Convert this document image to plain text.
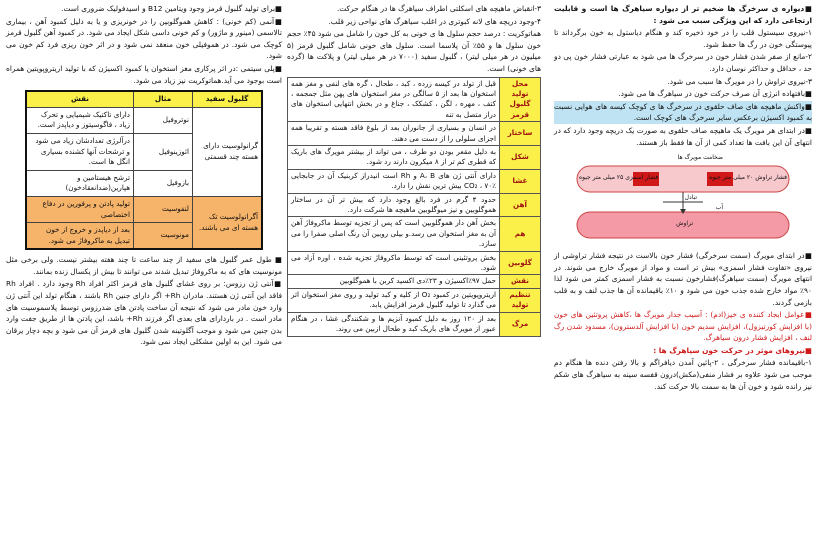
■دیواره ی سرخرگ ها ضخیم تر از دیواره سیاهرگ ها است و قابلیت ارتجاعی دارد که این ویژگی سبب می شود :

۱-نیروی سیستول قلب را در خود ذخیره کند و هنگام دیاستول به خون برگرداند تا پیوستگی خون در رگ ها حفظ شود.

۲-مانع از صفر شدن فشار خون در سرخرگ ها می شود به عبارتی فشار خون پی دو حد ، حداقل و حداکثر نوسان دارد.

۳-نیروی تراوش را در مویرگ ها سبب می شود.

■بافتهاده انرژی آن صرف حرکت خون در سیاهرگ ها می شود.

■واکنش ماهیچه های صاف حلقوی در سرخرگ ها ی کوچک کیسه های هوایی نسبت به کمبود اکسیژن برعکس سایر سرخرگ های کوچک است.

■در ابتدای هر مویرگ یک ماهیچه صاف حلقوی به صورت یک دریچه وجود دارد که در انتهای آن این بافت ها تعداد کمی از آن ها فقط باز هستند.

ضخامت مویرگ ها
فشار تراوش ۲۰ میلی متر جیوه
فشار اسمزی ۲۵ میلی متر جیوه
تبادل
آب
تراوش

■در ابتدای مویرگ (سمت سرخرگی) فشار خون بالاست در نتیجه فشار تراوشی از نیروی «تفاوت فشار اسمزی» بیش تر است و مواد از مویرگ خارج می شوند. در انتهای مویرگ (سمت سیاهرگ)فشارخون نسبت به فشار اسمزی کمتر می شود لذا ۹۰٪ مواد خارج شده جذب خون می شود و ۱۰٪ باقیمانده آن ها جذب لنف و به قلب بازمی گردند.

■عوامل ایجاد کننده ی خیز(ادم) : آسیب جدار مویرگ ها ،کاهش پروتئین های خون (با افزایش کورتیزول)، افزایش سدیم خون (با افزایش آلدسترون)، مسدود شدن رگ لنف ، افزایش فشار درون سیاهرگ.

■نیروهای موثر در حرکت خون سیاهرگ ها :

۱-باقیمانده فشار سرخرگی ، ۲-پائین آمدن دیافراگم و بالا رفتن دنده ها هنگام دم موجب می شود علاوه بر فشار منفی(مکش)درون قفسه سینه به سیاهرگ های شکم نیز رانده شود و خون آن ها به سمت بالا حرکت کند.

۳-انقباض ماهیچه های اسکلتی اطراف سیاهرگ ها در هنگام حرکت.

۴-وجود دریچه های لانه کبوتری در اغلب سیاهرگ های نواحی زیر قلب.

هماتوکریت : درصد حجم سلول ها ی خونی به کل خون را شامل می شود ۴۵٪ حجم خون سلول ها و ۵۵٪ آن پلاسما است. سلول های خونی شامل گلبول قرمز (۵ میلیون در هر میلی لیتر) ، گلبول سفید (۷۰۰۰ در هر میلی لیتر) و پلاکت ها (گرده های خونی) است.

محل تولید گلبول قرمز	قبل از تولد در کیسه زرده ، کبد ، طحال ، گره های لنفی و مغز همه استخوان ها بعد از ۵ سالگی در مغز استخوان های پهن مثل جمجمه ، کتف ، مهره ، لگن ، کشکک ، جناغ و در بخش انتهایی استخوان های دراز متصل به تنه
ساختار	در انسان و بسیاری از جانوران بعد از بلوغ فاقد هسته و تقریبا همه اجزای سلولی را از دست می دهند.
شکل	به دلیل مقعر بودن دو طرف ، می تواند از بیشتر مویرگ های باریک که قطری کم تر از ۸ میکرون دارند رد شود.
غشا	دارای آنتی ژن های A، B و Rh است انیدراز کربنیک آن در جابجایی CO₂ ، ۷۰٪ بیش ترین نقش را دارد.
آهن	حدود ۴ گرم در فرد بالغ وجود دارد که بیش تر آن در ساختار هموگلوبین و نیز میوگلوبین ماهیچه ها شرکت دارد.
هم	بخش آهن دار هموگلوبین است که پس از تجزیه توسط ماکروفاژ آهن آن به مغز استخوان می رسد.و بیلی روبین آن رنگ اصلی صفرا را می سازد.
گلوبین	بخش پروتئینی است که توسط ماکروفاژ تجزیه شده ، اوره آزاد می شود.
نقش	حمل ۹۷٪اکسیژن و ۲۳٪دی اکسید کربن با هموگلوبین
تنظیم تولید	اریتروپویتین در کمبود O₂ از کلیه و کبد تولید و روی مغز استخوان اثر می گذارد تا تولید گلبول قرمز افزایش یابد.
مرگ	بعد از ۱۲۰ روز به دلیل کمبود آنزیم ها و شکنندگی غشا ، در هنگام عبور از مویرگ های باریک کبد و طحال ازبین می روند.

■برای تولید گلبول قرمز وجود ویتامین B12 و اسیدفولیک ضروری است.

■آنمی (کم خونی) : کاهش هموگلوبین را در خونریزی و یا به دلیل کمبود آهن ، بیماری تالاسمی (مینور و ماژور) و کم خونی داسی شکل ایجاد می شود. در کمبود آهن گلبول قرمز کوچک می شود. در هموفیلی خون منعقد نمی شود و در اثر خون ریزی فرد کم خون می شود.

■پلی سیتمی :در اثر پرکاری مغز استخوان یا کمبود اکسیژن که با تولید اریتروپویتین همراه است بوجود می آید.هماتوکریت نیز زیاد می شود.

گلبول سفید	مثال	نقش
گرانولوسیت دارای هسته چند قسمتی	نوتروفیل	دارای تاکتیک شیمیایی و تحرک زیاد ، فاگوسیتوز و دیاپدز است.
	ائوزینوفیل	درآلرژی تعدادشان زیاد می شود و ترشحات آنها کشنده بسیاری انگل ها است.
	بازوفیل	ترشح هیستامین و هپارین(ضدانعقادخون)
آگرانولوسیت تک هسته ای می باشند.	لنفوسیت	تولید پادتن و پرفورین در دفاع اختصاصی
	مونوسیت	بعد از دیاپدز و خروج از خون تبدیل به ماکروفاژ می شود.

■ طول عمر گلبول های سفید از چند ساعت تا چند هفته بیشتر نیست. ولی برخی مثل مونوسیت های که به ماکروفاژ تبدیل شدند می توانند تا بیش از یکسال زنده بمانند.

■آنتی ژن رزوس: بر روی غشای گلبول های قرمز اکثر افراد Rh وجود دارد . افراد Rh فاقد این آنتی ژن هستند. مادران Rh+ اگر دارای جنین Rh باشند ، هنگام تولد این آنتی ژن وارد خون مادر می شود که نتیجه آن ساخت پادتن های ضدرزوس توسط پلاسموسیت های مادر است . در باردارای های بعدی اگر فرزند Rh+ باشد، این پادتن ها از طریق جفت وارد بدن جنین می شود و موجب آگلوتینه شدن گلبول های قرمز آن می شود و بچه دچار یرقان می شود. این به اولین مشکلی ایجاد نمی شود.
